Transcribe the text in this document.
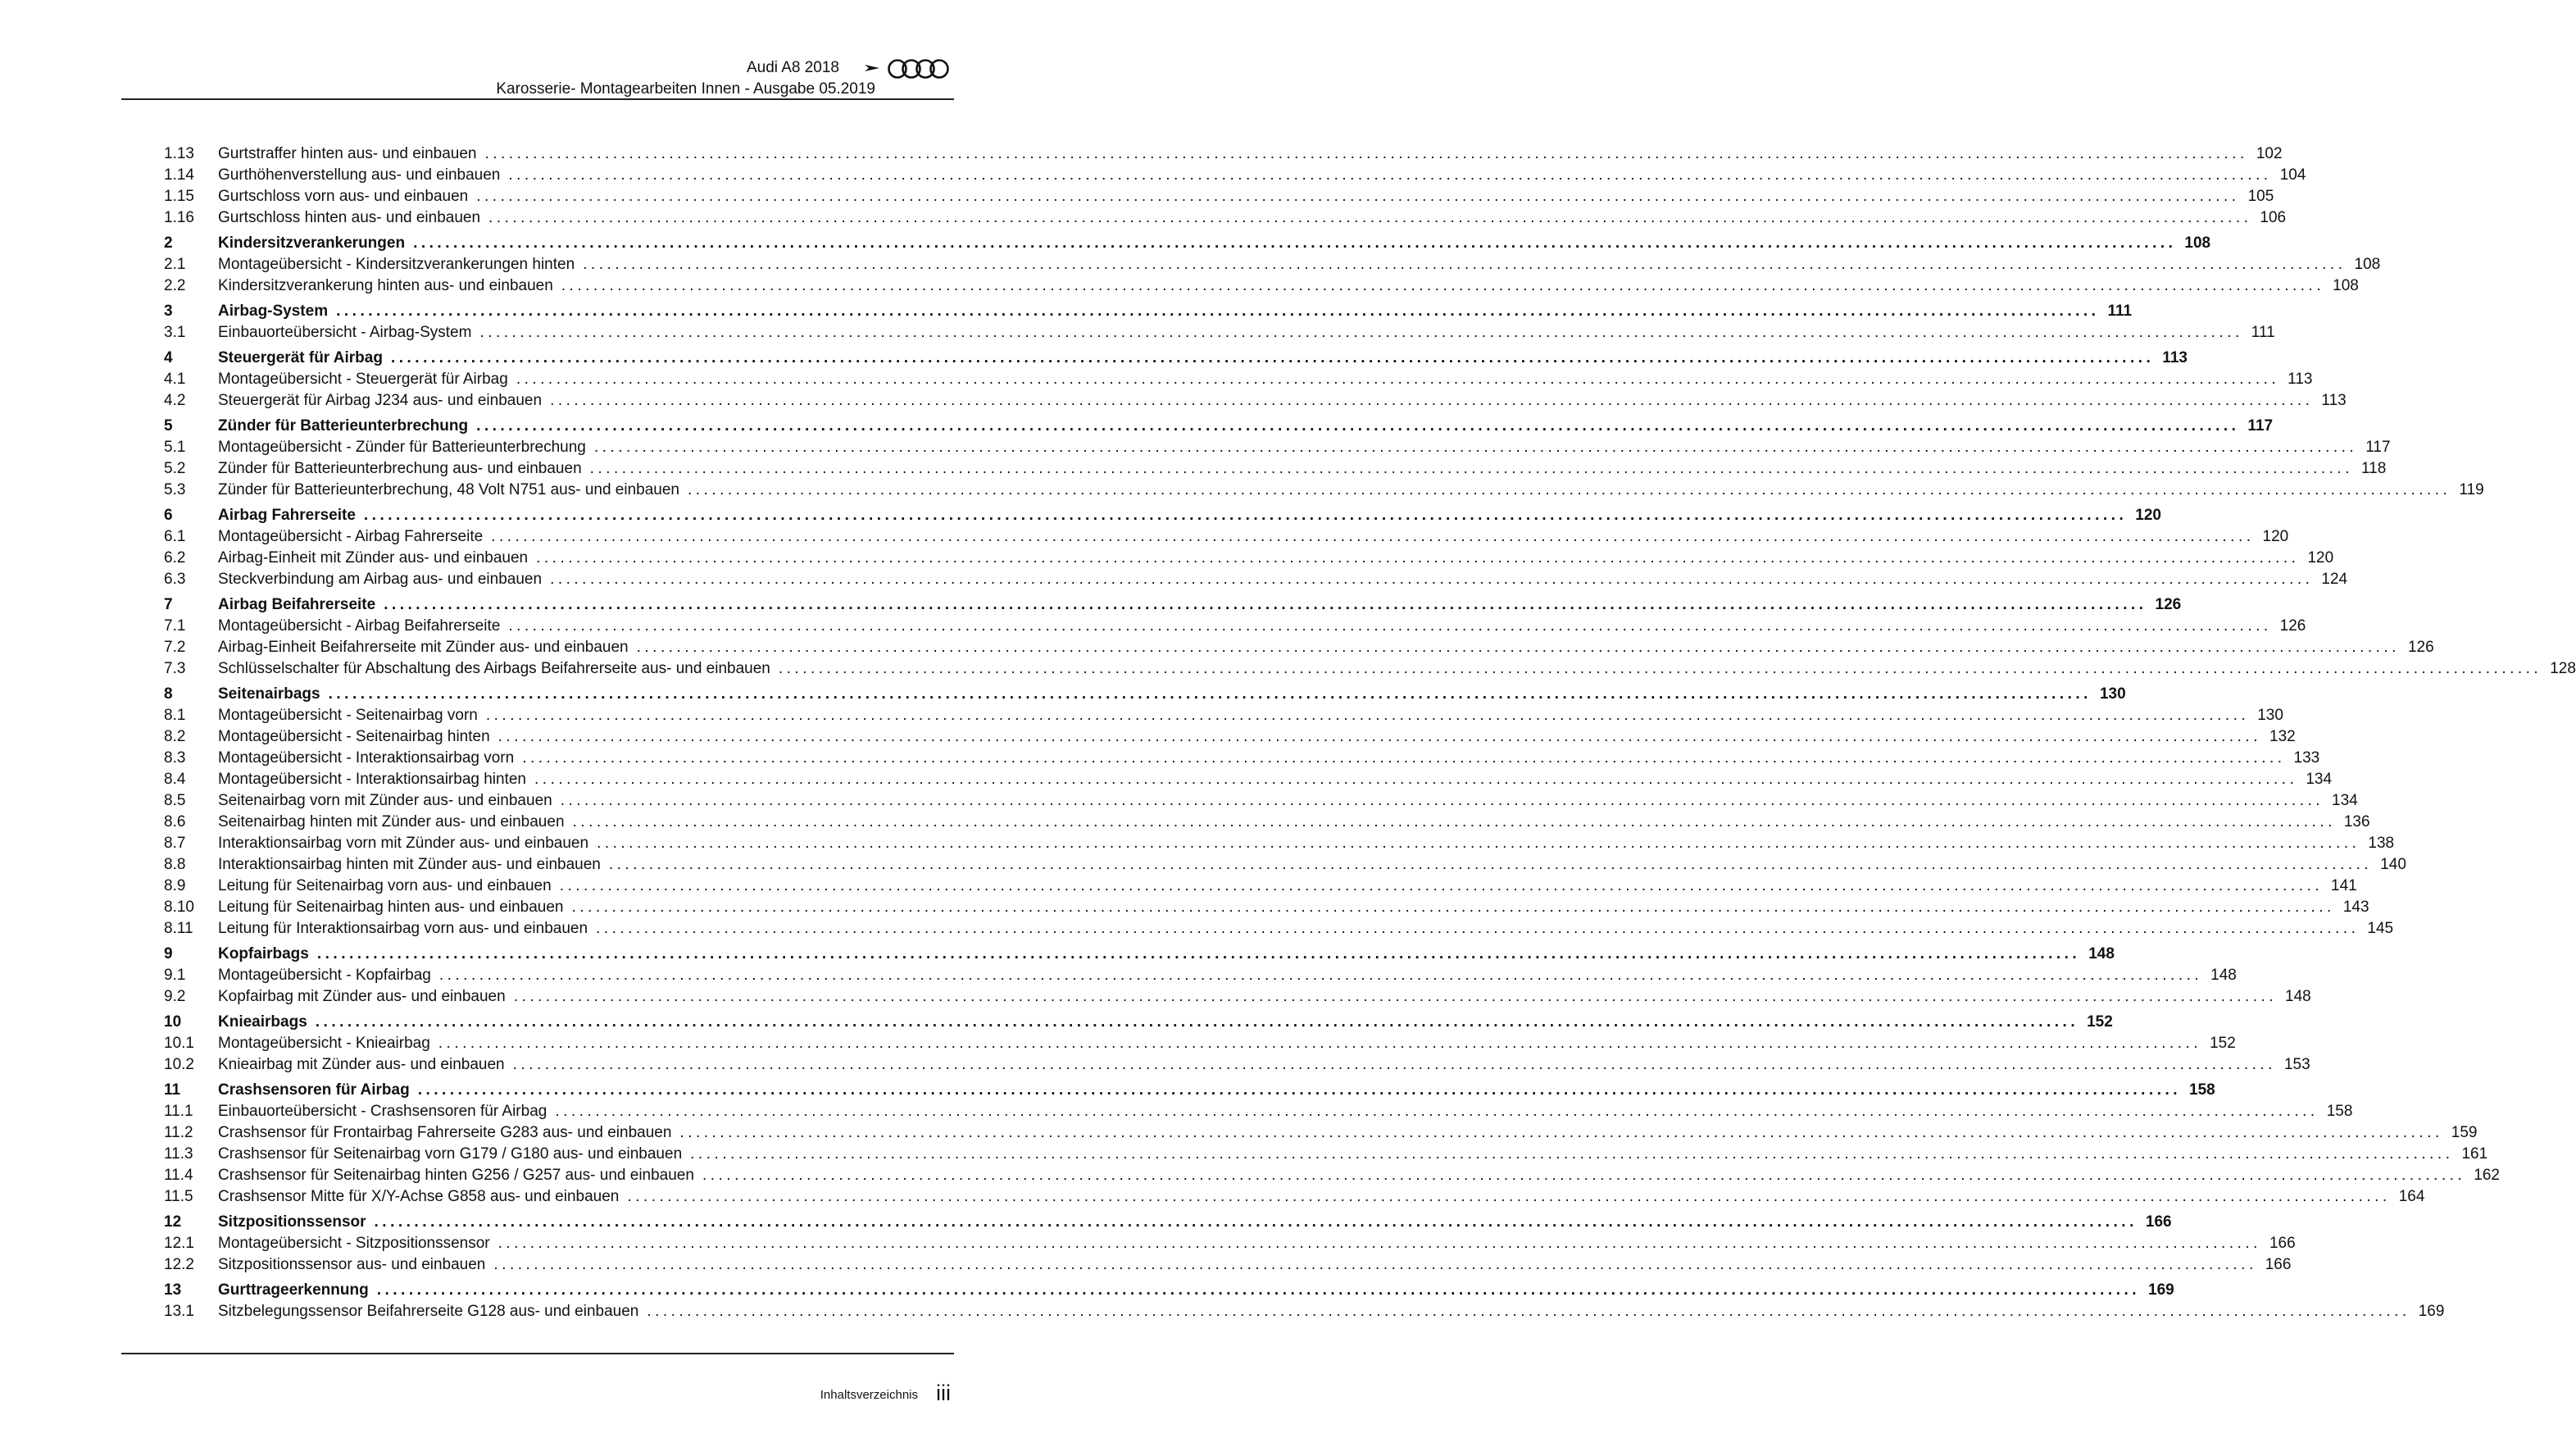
Audi A8 2018
Karosserie- Montagearbeiten Innen - Ausgabe 05.2019
1.13	Gurtstraffer hinten aus- und einbauen ............................................................................................................................................................................................................................ 102
1.14	Gurthöhenverstellung aus- und einbauen ............................................................................................................................................................................................................................ 104
1.15	Gurtschloss vorn aus- und einbauen ............................................................................................................................................................................................................................ 105
1.16	Gurtschloss hinten aus- und einbauen ............................................................................................................................................................................................................................ 106
2	Kindersitzverankerungen ............................................................................................................................................................................................................................ 108
2.1	Montageübersicht - Kindersitzverankerungen hinten ............................................................................................................................................................................................................................ 108
2.2	Kindersitzverankerung hinten aus- und einbauen ............................................................................................................................................................................................................................ 108
3	Airbag-System ............................................................................................................................................................................................................................ 111
3.1	Einbauorteübersicht - Airbag-System ............................................................................................................................................................................................................................ 111
4	Steuergerät für Airbag ............................................................................................................................................................................................................................ 113
4.1	Montageübersicht - Steuergerät für Airbag ............................................................................................................................................................................................................................ 113
4.2	Steuergerät für Airbag J234 aus- und einbauen ............................................................................................................................................................................................................................ 113
5	Zünder für Batterieunterbrechung ............................................................................................................................................................................................................................ 117
5.1	Montageübersicht - Zünder für Batterieunterbrechung ............................................................................................................................................................................................................................ 117
5.2	Zünder für Batterieunterbrechung aus- und einbauen ............................................................................................................................................................................................................................ 118
5.3	Zünder für Batterieunterbrechung, 48 Volt N751 aus- und einbauen ............................................................................................................................................................................................................................ 119
6	Airbag Fahrerseite ............................................................................................................................................................................................................................ 120
6.1	Montageübersicht - Airbag Fahrerseite ............................................................................................................................................................................................................................ 120
6.2	Airbag-Einheit mit Zünder aus- und einbauen ............................................................................................................................................................................................................................ 120
6.3	Steckverbindung am Airbag aus- und einbauen ............................................................................................................................................................................................................................ 124
7	Airbag Beifahrerseite ............................................................................................................................................................................................................................ 126
7.1	Montageübersicht - Airbag Beifahrerseite ............................................................................................................................................................................................................................ 126
7.2	Airbag-Einheit Beifahrerseite mit Zünder aus- und einbauen ............................................................................................................................................................................................................................ 126
7.3	Schlüsselschalter für Abschaltung des Airbags Beifahrerseite aus- und einbauen ............................................................................................................................................................................................................................ 128
8	Seitenairbags ............................................................................................................................................................................................................................ 130
8.1	Montageübersicht - Seitenairbag vorn ............................................................................................................................................................................................................................ 130
8.2	Montageübersicht - Seitenairbag hinten ............................................................................................................................................................................................................................ 132
8.3	Montageübersicht - Interaktionsairbag vorn ............................................................................................................................................................................................................................ 133
8.4	Montageübersicht - Interaktionsairbag hinten ............................................................................................................................................................................................................................ 134
8.5	Seitenairbag vorn mit Zünder aus- und einbauen ............................................................................................................................................................................................................................ 134
8.6	Seitenairbag hinten mit Zünder aus- und einbauen ............................................................................................................................................................................................................................ 136
8.7	Interaktionsairbag vorn mit Zünder aus- und einbauen ............................................................................................................................................................................................................................ 138
8.8	Interaktionsairbag hinten mit Zünder aus- und einbauen ............................................................................................................................................................................................................................ 140
8.9	Leitung für Seitenairbag vorn aus- und einbauen ............................................................................................................................................................................................................................ 141
8.10	Leitung für Seitenairbag hinten aus- und einbauen ............................................................................................................................................................................................................................ 143
8.11	Leitung für Interaktionsairbag vorn aus- und einbauen ............................................................................................................................................................................................................................ 145
9	Kopfairbags ............................................................................................................................................................................................................................ 148
9.1	Montageübersicht - Kopfairbag ............................................................................................................................................................................................................................ 148
9.2	Kopfairbag mit Zünder aus- und einbauen ............................................................................................................................................................................................................................ 148
10	Knieairbags ............................................................................................................................................................................................................................ 152
10.1	Montageübersicht - Knieairbag ............................................................................................................................................................................................................................ 152
10.2	Knieairbag mit Zünder aus- und einbauen ............................................................................................................................................................................................................................ 153
11	Crashsensoren für Airbag ............................................................................................................................................................................................................................ 158
11.1	Einbauorteübersicht - Crashsensoren für Airbag ............................................................................................................................................................................................................................ 158
11.2	Crashsensor für Frontairbag Fahrerseite G283 aus- und einbauen ............................................................................................................................................................................................................................ 159
11.3	Crashsensor für Seitenairbag vorn G179 / G180 aus- und einbauen ............................................................................................................................................................................................................................ 161
11.4	Crashsensor für Seitenairbag hinten G256 / G257 aus- und einbauen ............................................................................................................................................................................................................................ 162
11.5	Crashsensor Mitte für X/Y-Achse G858 aus- und einbauen ............................................................................................................................................................................................................................ 164
12	Sitzpositionssensor ............................................................................................................................................................................................................................ 166
12.1	Montageübersicht - Sitzpositionssensor ............................................................................................................................................................................................................................ 166
12.2	Sitzpositionssensor aus- und einbauen ............................................................................................................................................................................................................................ 166
13	Gurttrageerkennung ............................................................................................................................................................................................................................ 169
13.1	Sitzbelegungssensor Beifahrerseite G128 aus- und einbauen ............................................................................................................................................................................................................................ 169
Inhaltsverzeichnis iii
